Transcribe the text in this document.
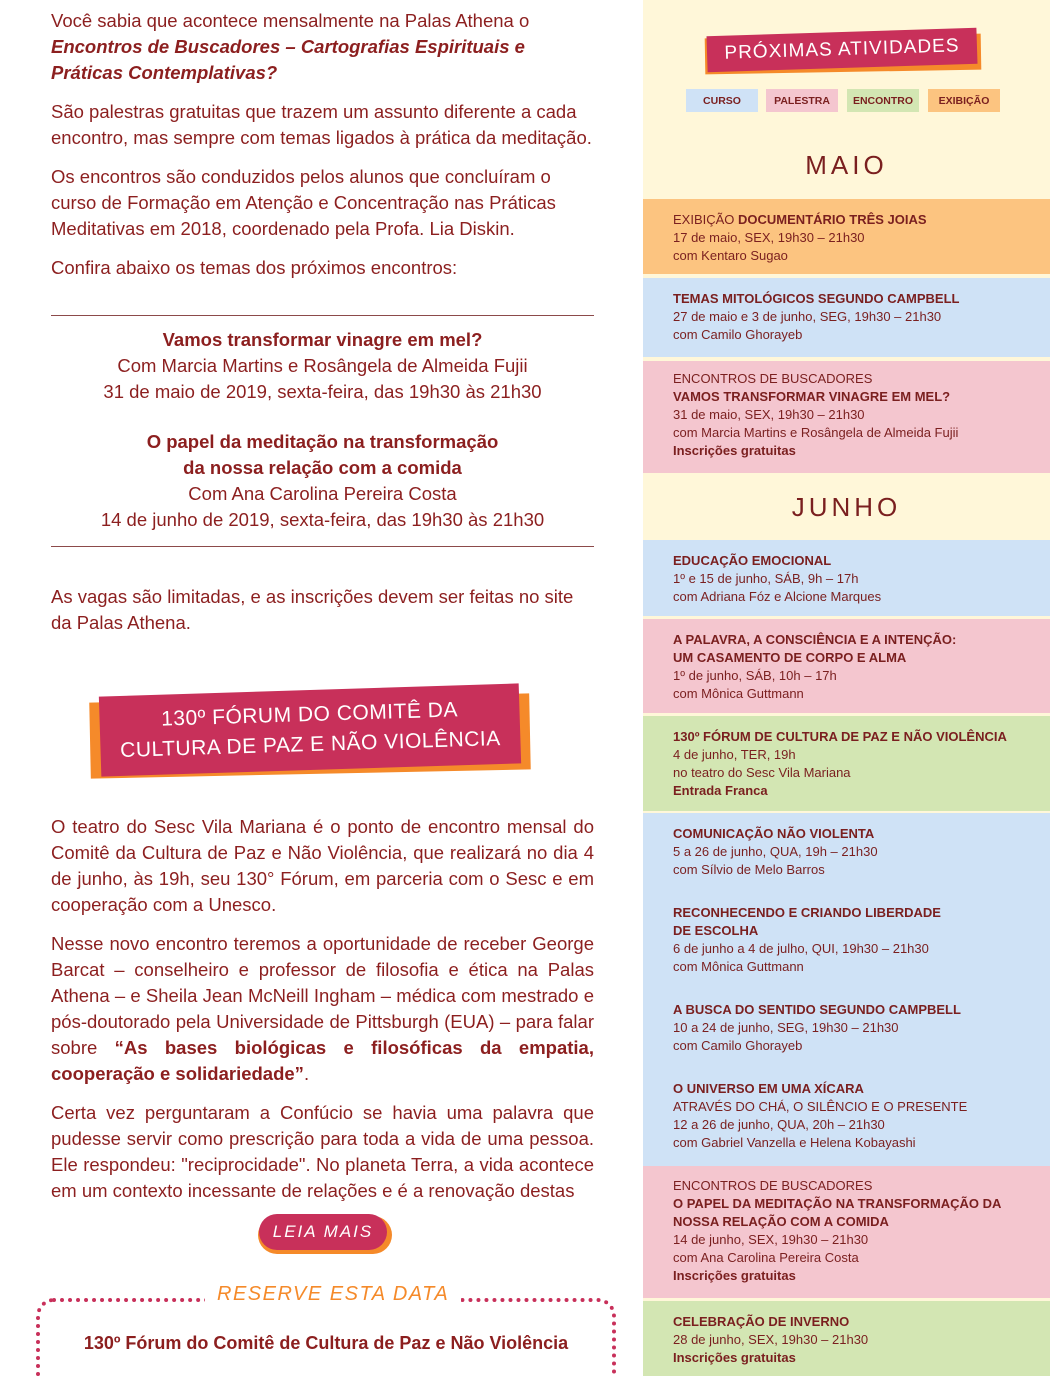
Você sabia que acontece mensalmente na Palas Athena o Encontros de Buscadores – Cartografias Espirituais e Práticas Contemplativas?

São palestras gratuitas que trazem um assunto diferente a cada encontro, mas sempre com temas ligados à prática da meditação.

Os encontros são conduzidos pelos alunos que concluíram o curso de Formação em Atenção e Concentração nas Práticas Meditativas em 2018, coordenado pela Profa. Lia Diskin.

Confira abaixo os temas dos próximos encontros:

Vamos transformar vinagre em mel?
Com Marcia Martins e Rosângela de Almeida Fujii
31 de maio de 2019, sexta-feira, das 19h30 às 21h30
O papel da meditação na transformação
da nossa relação com a comida
Com Ana Carolina Pereira Costa
14 de junho de 2019, sexta-feira, das 19h30 às 21h30

As vagas são limitadas, e as inscrições devem ser feitas no site da Palas Athena.

130º FÓRUM DO COMITÊ DA
CULTURA DE PAZ E NÃO VIOLÊNCIA

O teatro do Sesc Vila Mariana é o ponto de encontro mensal do Comitê da Cultura de Paz e Não Violência, que realizará no dia 4 de junho, às 19h, seu 130° Fórum, em parceria com o Sesc e em cooperação com a Unesco.

Nesse novo encontro teremos a oportunidade de receber George Barcat – conselheiro e professor de filosofia e ética na Palas Athena – e Sheila Jean McNeill Ingham – médica com mestrado e pós-doutorado pela Universidade de Pittsburgh (EUA) – para falar sobre “As bases biológicas e filosóficas da empatia, cooperação e solidariedade”.

Certa vez perguntaram a Confúcio se havia uma palavra que pudesse servir como prescrição para toda a vida de uma pessoa. Ele respondeu: "reciprocidade". No planeta Terra, a vida acontece em um contexto incessante de relações e é a renovação destas

LEIA MAIS
RESERVE ESTA DATA
130º Fórum do Comitê de Cultura de Paz e Não Violência
PRÓXIMAS ATIVIDADES
CURSO	PALESTRA	ENCONTRO	EXIBIÇÃO
MAIO
EXIBIÇÃO DOCUMENTÁRIO TRÊS JOIAS
17 de maio, SEX, 19h30 – 21h30
com Kentaro Sugao
TEMAS MITOLÓGICOS SEGUNDO CAMPBELL
27 de maio e 3 de junho, SEG, 19h30 – 21h30
com Camilo Ghorayeb
ENCONTROS DE BUSCADORES
VAMOS TRANSFORMAR VINAGRE EM MEL?
31 de maio, SEX, 19h30 – 21h30
com Marcia Martins e Rosângela de Almeida Fujii
Inscrições gratuitas
JUNHO
EDUCAÇÃO EMOCIONAL
1º e 15 de junho, SÁB, 9h – 17h
com Adriana Fóz e Alcione Marques
A PALAVRA, A CONSCIÊNCIA E A INTENÇÃO:
UM CASAMENTO DE CORPO E ALMA
1º de junho, SÁB, 10h – 17h
com Mônica Guttmann
130º FÓRUM DE CULTURA DE PAZ E NÃO VIOLÊNCIA
4 de junho, TER, 19h
no teatro do Sesc Vila Mariana
Entrada Franca
COMUNICAÇÃO NÃO VIOLENTA
5 a 26 de junho, QUA, 19h – 21h30
com Sílvio de Melo Barros
RECONHECENDO E CRIANDO LIBERDADE
DE ESCOLHA
6 de junho a 4 de julho, QUI, 19h30 – 21h30
com Mônica Guttmann
A BUSCA DO SENTIDO SEGUNDO CAMPBELL
10 a 24 de junho, SEG, 19h30 – 21h30
com Camilo Ghorayeb
O UNIVERSO EM UMA XÍCARA
ATRAVÉS DO CHÁ, O SILÊNCIO E O PRESENTE
12 a 26 de junho, QUA, 20h – 21h30
com Gabriel Vanzella e Helena Kobayashi
ENCONTROS DE BUSCADORES
O PAPEL DA MEDITAÇÃO NA TRANSFORMAÇÃO DA
NOSSA RELAÇÃO COM A COMIDA
14 de junho, SEX, 19h30 – 21h30
com Ana Carolina Pereira Costa
Inscrições gratuitas
CELEBRAÇÃO DE INVERNO
28 de junho, SEX, 19h30 – 21h30
Inscrições gratuitas
